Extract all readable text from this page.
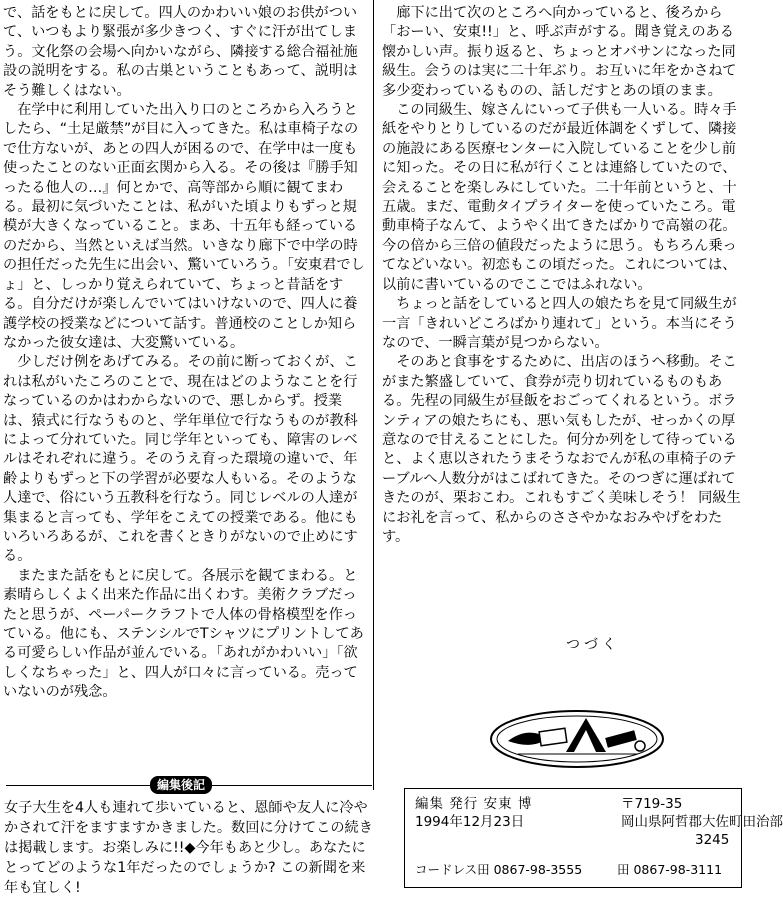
で、話をもとに戻して。四人のかわいい娘のお供がついて、いつもより緊張が多少きつく、すぐに汗が出てしまう。文化祭の会場へ向かいながら、隣接する総合福祉施設の説明をする。私の古巣ということもあって、説明はそう難しくはない。

在学中に利用していた出入り口のところから入ろうとしたら、“土足厳禁”が目に入ってきた。私は車椅子なので仕方ないが、あとの四人が困るので、在学中は一度も使ったことのない正面玄関から入る。その後は『勝手知ったる他人の…』何とかで、高等部から順に観てまわる。最初に気づいたことは、私がいた頃よりもずっと規模が大きくなっていること。まあ、十五年も経っているのだから、当然といえば当然。いきなり廊下で中学の時の担任だった先生に出会い、驚いていろう。「安東君でしょ」と、しっかり覚えられていて、ちょっと昔話をする。自分だけが楽しんでいてはいけないので、四人に養護学校の授業などについて話す。普通校のことしか知らなかった彼女達は、大変驚いている。

少しだけ例をあげてみる。その前に断っておくが、これは私がいたころのことで、現在はどのようなことを行なっているのかはわからないので、悪しからず。授業は、猿式に行なうものと、学年単位で行なうものが教科によって分れていた。同じ学年といっても、障害のレベルはそれぞれに違う。そのうえ育った環境の違いで、年齢よりもずっと下の学習が必要な人もいる。そのような人達で、俗にいう五教科を行なう。同じレベルの人達が集まると言っても、学年をこえての授業である。他にもいろいろあるが、これを書くときりがないので止めにする。

またまた話をもとに戻して。各展示を観てまわる。と素晴らしくよく出来た作品に出くわす。美術クラブだったと思うが、ペーパークラフトで人体の骨格模型を作っている。他にも、ステンシルでTシャツにプリントしてある可愛らしい作品が並んでいる。「あれがかわいい」「欲しくなちゃった」と、四人が口々に言っている。売っていないのが残念。

廊下に出て次のところへ向かっていると、後ろから「おーい、安東!!」と、呼ぶ声がする。聞き覚えのある懐かしい声。振り返ると、ちょっとオバサンになった同級生。会うのは実に二十年ぶり。お互いに年をかさねて多少変わっているものの、話しだすとあの頃のまま。

この同級生、嫁さんにいって子供も一人いる。時々手紙をやりとりしているのだが最近体調をくずして、隣接の施設にある医療センターに入院していることを少し前に知った。その日に私が行くことは連絡していたので、会えることを楽しみにしていた。二十年前というと、十五歳。まだ、電動タイプライターを使っていたころ。電動車椅子なんて、ようやく出てきたばかりで高嶺の花。今の倍から三倍の値段だったように思う。もちろん乗ってなどいない。初恋もこの頃だった。これについては、以前に書いているのでここではふれない。

ちょっと話をしていると四人の娘たちを見て同級生が一言「きれいどころばかり連れて」という。本当にそうなので、一瞬言葉が見つからない。

そのあと食事をするために、出店のほうへ移動。そこがまた繁盛していて、食券が売り切れているものもある。先程の同級生が昼飯をおごってくれるという。ボランティアの娘たちにも、悪い気もしたが、せっかくの厚意なので甘えることにした。何分か列をして待っていると、よく恵以されたうまそうなおでんが私の車椅子のテーブルへ人数分がはこばれてきた。そのつぎに運ばれてきたのが、栗おこわ。これもすごく美味しそう！ 同級生にお礼を言って、私からのささやかなおみやげをわたす。

つづく
編集後記

女子大生を4人も連れて歩いていると、恩師や友人に冷やかされて汗をますますかきました。数回に分けてこの続きは掲載します。お楽しみに!!◆今年もあと少し。あなたにとってどのような1年だったのでしょうか? この新聞を来年も宜しく!

編集 発行 安東 博	〒719-35
1994年12月23日	岡山県阿哲郡大佐町田治部
3245
コードレス田 0867-98-3555	田 0867-98-3111
